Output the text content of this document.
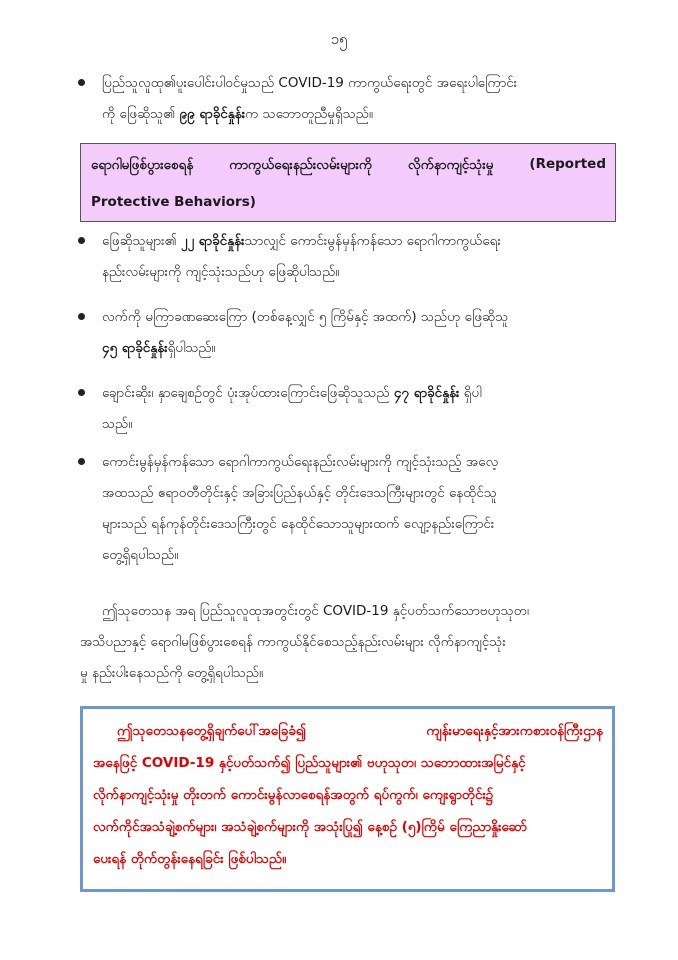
၁၅
ပြည်သူလူထု၏ပူးပေါင်းပါဝင်မှုသည် COVID-19 ကာကွယ်ရေးတွင် အရေးပါကြောင်း
ကို ဖြေဆိုသူ၏ ၉၉ ရာခိုင်နှုန်းက သဘောတူညီမှုရှိသည်။
ရောဂါမဖြစ်ပွားစေရန်	ကာကွယ်ရေးနည်းလမ်းများကို	လိုက်နာကျင့်သုံးမှု	(Reported
Protective Behaviors)
ဖြေဆိုသူများ၏ ၂၂ ရာခိုင်နှုန်းသာလျှင် ကောင်းမွန်မှန်ကန်သော ရောဂါကာကွယ်ရေး
နည်းလမ်းများကို ကျင့်သုံးသည်ဟု ဖြေဆိုပါသည်။
လက်ကို မကြာခဏဆေးကြော (တစ်နေ့လျှင် ၅ ကြိမ်နှင့် အထက်) သည်ဟု ဖြေဆိုသူ
၄၅ ရာခိုင်နှုန်းရှိပါသည်။
ချောင်းဆိုး၊ နှာချေစဉ်တွင် ပုံးအုပ်ထားကြောင်းဖြေဆိုသူသည် ၄၇ ရာခိုင်နှုန်း ရှိပါ
သည်။
ကောင်းမွန်မှန်ကန်သော ရောဂါကာကွယ်ရေးနည်းလမ်းများကို ကျင့်သုံးသည့် အလေ့
အထသည် ဧရာဝတီတိုင်းနှင့် အခြားပြည်နယ်နှင့် တိုင်းဒေသကြီးများတွင် နေထိုင်သူ
များသည် ရန်ကုန်တိုင်းဒေသကြီးတွင် နေထိုင်သောသူများထက် လျော့နည်းကြောင်း
တွေ့ရှိရပါသည်။
ဤသုတေသန အရ ပြည်သူလူထုအတွင်းတွင် COVID-19 နှင့်ပတ်သက်သောဗဟုသုတ၊
အသိပညာနှင့် ရောဂါမဖြစ်ပွားစေရန် ကာကွယ်နိုင်စေသည့်နည်းလမ်းများ လိုက်နာကျင့်သုံး
မှု နည်းပါးနေသည်ကို တွေ့ရှိရပါသည်။
ဤသုတေသနတွေ့ရှိချက်ပေါ်အခြေခံ၍	ကျန်းမာရေးနှင့်အားကစားဝန်ကြီးဌာန
အနေဖြင့် COVID-19 နှင့်ပတ်သက်၍ ပြည်သူများ၏ ဗဟုသုတ၊ သဘောထားအမြင်နှင့်
လိုက်နာကျင့်သုံးမှု တိုးတက် ကောင်းမွန်လာစေရန်အတွက် ရပ်ကွက်၊ ကျေးရွာတိုင်း၌
လက်ကိုင်အသံချဲ့စက်များ၊ အသံချဲ့စက်များကို အသုံးပြု၍ နေ့စဉ် (၅)ကြိမ် ကြေညာနှိုးဆော်
ပေးရန် တိုက်တွန်းနေရခြင်း ဖြစ်ပါသည်။
